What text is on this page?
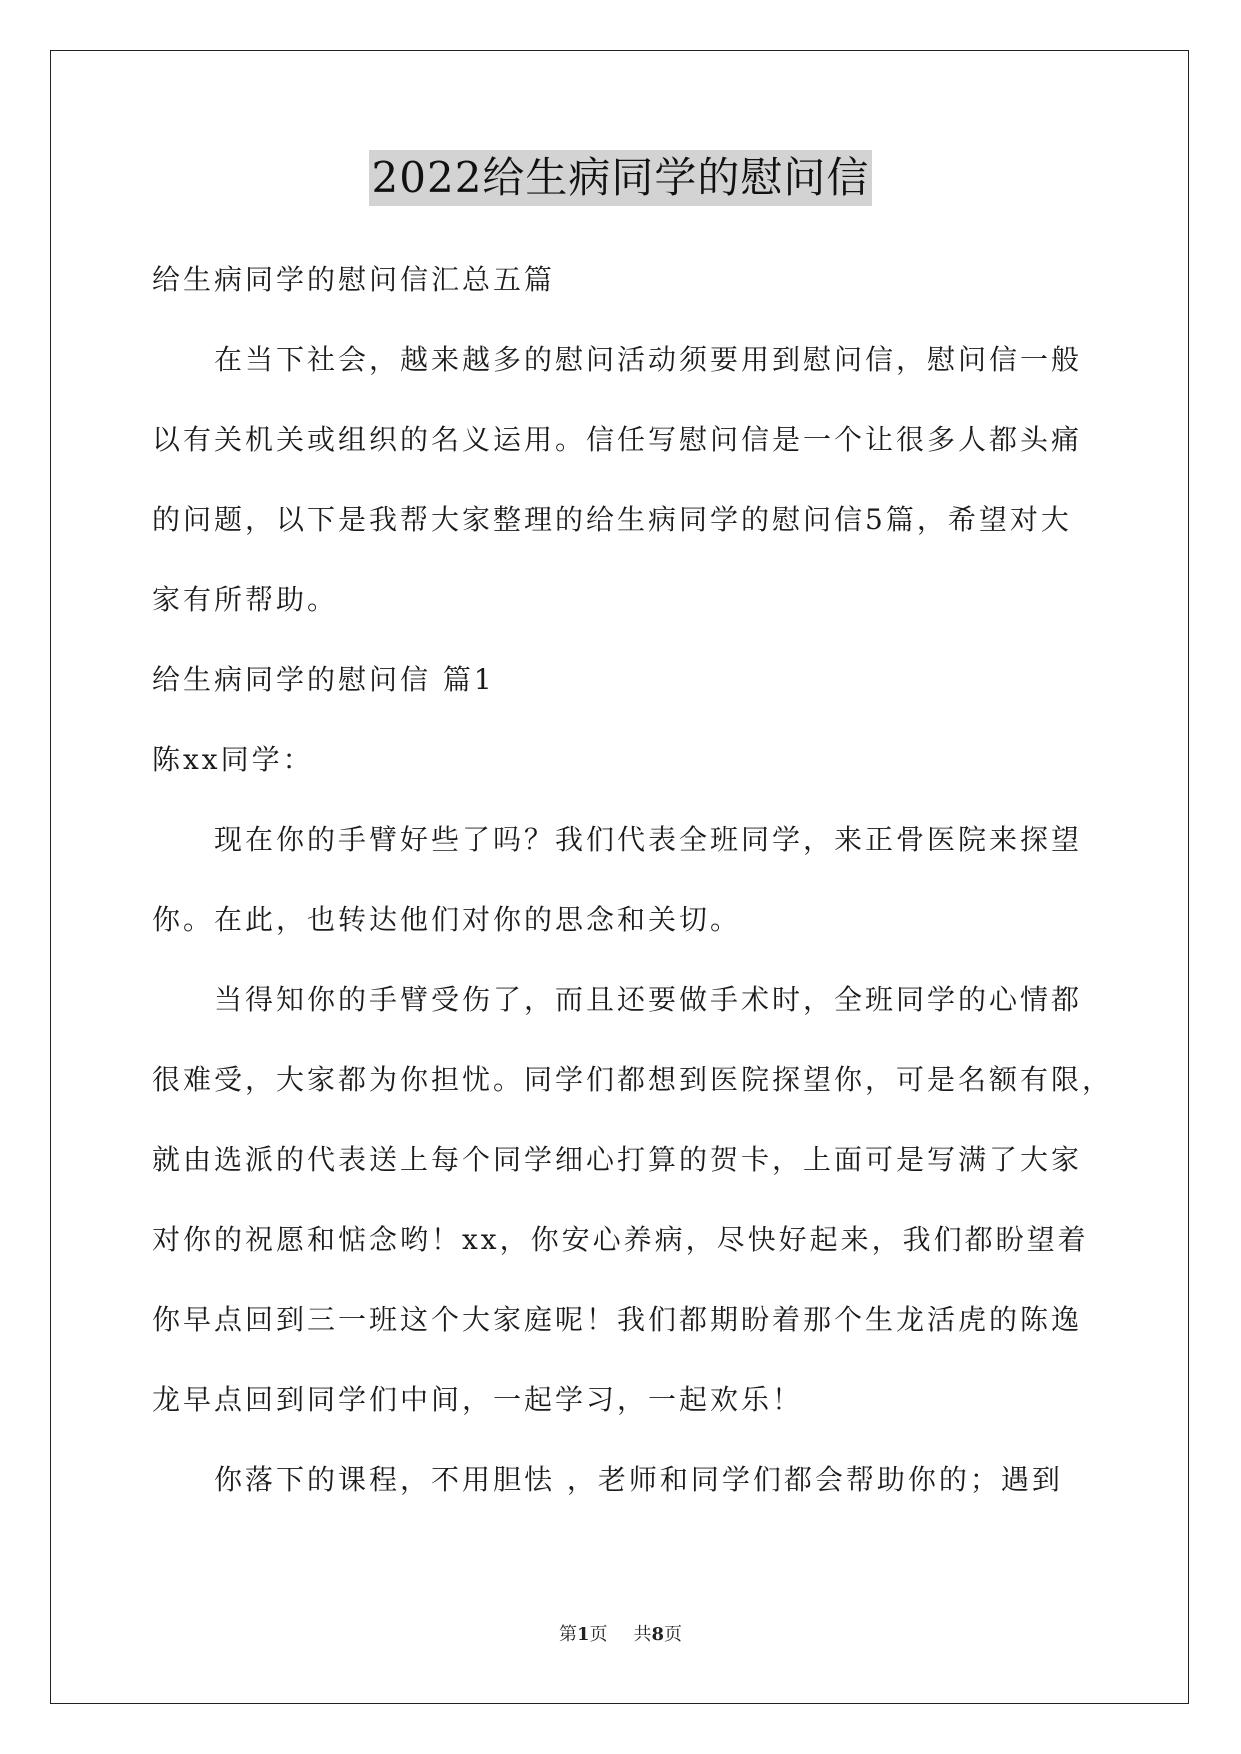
2022给生病同学的慰问信
给生病同学的慰问信汇总五篇
在当下社会，越来越多的慰问活动须要用到慰问信，慰问信一般
以有关机关或组织的名义运用。信任写慰问信是一个让很多人都头痛
的问题，以下是我帮大家整理的给生病同学的慰问信5篇，希望对大
家有所帮助。
给生病同学的慰问信 篇1
陈xx同学：
现在你的手臂好些了吗？我们代表全班同学，来正骨医院来探望
你。在此，也转达他们对你的思念和关切。
当得知你的手臂受伤了，而且还要做手术时，全班同学的心情都
很难受，大家都为你担忧。同学们都想到医院探望你，可是名额有限，
就由选派的代表送上每个同学细心打算的贺卡，上面可是写满了大家
对你的祝愿和惦念哟！xx，你安心养病，尽快好起来，我们都盼望着
你早点回到三一班这个大家庭呢！我们都期盼着那个生龙活虎的陈逸
龙早点回到同学们中间，一起学习，一起欢乐！
你落下的课程，不用胆怯 ，老师和同学们都会帮助你的；遇到
第1页 共8页
